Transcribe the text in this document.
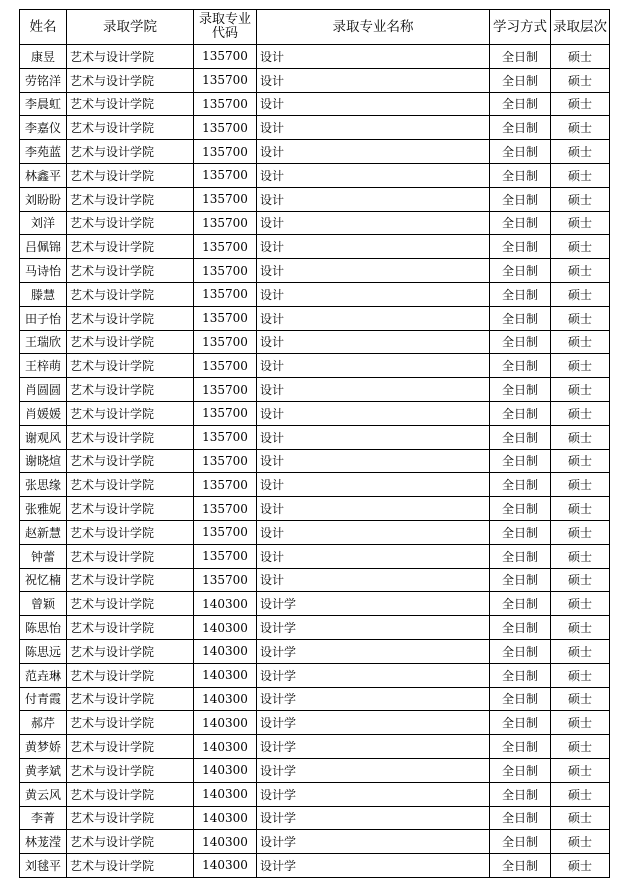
姓名	录取学院	录取专业代码	录取专业名称	学习方式	录取层次
康昱	艺术与设计学院	135700	设计	全日制	硕士
劳铭洋	艺术与设计学院	135700	设计	全日制	硕士
李晨虹	艺术与设计学院	135700	设计	全日制	硕士
李嘉仪	艺术与设计学院	135700	设计	全日制	硕士
李苑蓝	艺术与设计学院	135700	设计	全日制	硕士
林鑫平	艺术与设计学院	135700	设计	全日制	硕士
刘盼盼	艺术与设计学院	135700	设计	全日制	硕士
刘洋	艺术与设计学院	135700	设计	全日制	硕士
吕佩锦	艺术与设计学院	135700	设计	全日制	硕士
马诗怡	艺术与设计学院	135700	设计	全日制	硕士
滕慧	艺术与设计学院	135700	设计	全日制	硕士
田子怡	艺术与设计学院	135700	设计	全日制	硕士
王瑞欣	艺术与设计学院	135700	设计	全日制	硕士
王梓萌	艺术与设计学院	135700	设计	全日制	硕士
肖圆圆	艺术与设计学院	135700	设计	全日制	硕士
肖媛媛	艺术与设计学院	135700	设计	全日制	硕士
谢观风	艺术与设计学院	135700	设计	全日制	硕士
谢晓煊	艺术与设计学院	135700	设计	全日制	硕士
张思缘	艺术与设计学院	135700	设计	全日制	硕士
张雅妮	艺术与设计学院	135700	设计	全日制	硕士
赵新慧	艺术与设计学院	135700	设计	全日制	硕士
钟蕾	艺术与设计学院	135700	设计	全日制	硕士
祝忆楠	艺术与设计学院	135700	设计	全日制	硕士
曾颖	艺术与设计学院	140300	设计学	全日制	硕士
陈思怡	艺术与设计学院	140300	设计学	全日制	硕士
陈思远	艺术与设计学院	140300	设计学	全日制	硕士
范垚琳	艺术与设计学院	140300	设计学	全日制	硕士
付青霞	艺术与设计学院	140300	设计学	全日制	硕士
郝芹	艺术与设计学院	140300	设计学	全日制	硕士
黄梦娇	艺术与设计学院	140300	设计学	全日制	硕士
黄孝斌	艺术与设计学院	140300	设计学	全日制	硕士
黄云风	艺术与设计学院	140300	设计学	全日制	硕士
李菁	艺术与设计学院	140300	设计学	全日制	硕士
林茏滢	艺术与设计学院	140300	设计学	全日制	硕士
刘毬平	艺术与设计学院	140300	设计学	全日制	硕士
